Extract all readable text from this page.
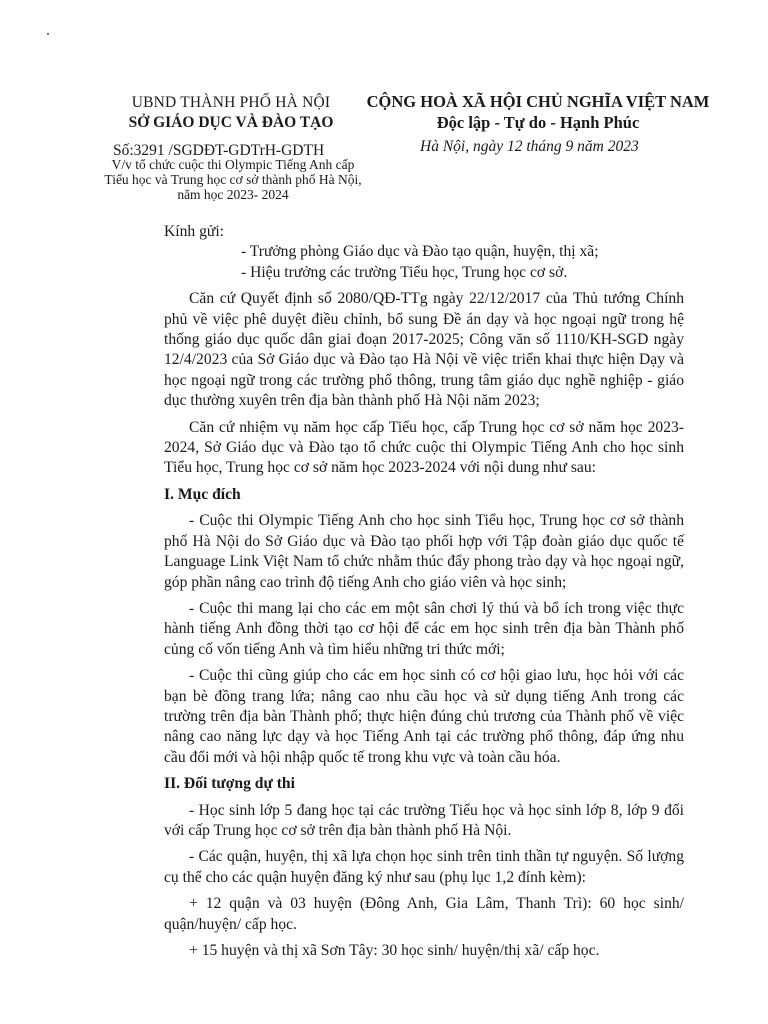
UBND THÀNH PHỐ HÀ NỘI
SỞ GIÁO DỤC VÀ ĐÀO TẠO
CỘNG HOÀ XÃ HỘI CHỦ NGHĨA VIỆT NAM
Độc lập - Tự do - Hạnh Phúc
Số:3291 /SGDĐT-GDTrH-GDTH
V/v tổ chức cuộc thi Olympic Tiếng Anh cấp Tiểu học và Trung học cơ sở thành phố Hà Nội, năm học 2023- 2024
Hà Nội, ngày 12 tháng 9 năm 2023

Kính gửi:

- Trưởng phòng Giáo dục và Đào tạo quận, huyện, thị xã;

- Hiệu trưởng các trường Tiểu học, Trung học cơ sở.

Căn cứ Quyết định số 2080/QĐ-TTg ngày 22/12/2017 của Thủ tướng Chính phủ về việc phê duyệt điều chỉnh, bổ sung Đề án dạy và học ngoại ngữ trong hệ thống giáo dục quốc dân giai đoạn 2017-2025; Công văn số 1110/KH-SGD ngày 12/4/2023 của Sở Giáo dục và Đào tạo Hà Nội về việc triển khai thực hiện Dạy và học ngoại ngữ trong các trường phổ thông, trung tâm giáo dục nghề nghiệp - giáo dục thường xuyên trên địa bàn thành phố Hà Nội năm 2023;

Căn cứ nhiệm vụ năm học cấp Tiểu học, cấp Trung học cơ sở năm học 2023-2024, Sở Giáo dục và Đào tạo tổ chức cuộc thi Olympic Tiếng Anh cho học sinh Tiểu học, Trung học cơ sở năm học 2023-2024 với nội dung như sau:

I. Mục đích

- Cuộc thi Olympic Tiếng Anh cho học sinh Tiểu học, Trung học cơ sở thành phố Hà Nội do Sở Giáo dục và Đào tạo phối hợp với Tập đoàn giáo dục quốc tế Language Link Việt Nam tổ chức nhằm thúc đẩy phong trào dạy và học ngoại ngữ, góp phần nâng cao trình độ tiếng Anh cho giáo viên và học sinh;

- Cuộc thi mang lại cho các em một sân chơi lý thú và bổ ích trong việc thực hành tiếng Anh đồng thời tạo cơ hội để các em học sinh trên địa bàn Thành phố củng cố vốn tiếng Anh và tìm hiểu những tri thức mới;

- Cuộc thi cũng giúp cho các em học sinh có cơ hội giao lưu, học hỏi với các bạn bè đồng trang lứa; nâng cao nhu cầu học và sử dụng tiếng Anh trong các trường trên địa bàn Thành phố; thực hiện đúng chủ trương của Thành phố về việc nâng cao năng lực dạy và học Tiếng Anh tại các trường phổ thông, đáp ứng nhu cầu đổi mới và hội nhập quốc tế trong khu vực và toàn cầu hóa.

II. Đối tượng dự thi

- Học sinh lớp 5 đang học tại các trường Tiểu học và học sinh lớp 8, lớp 9 đối với cấp Trung học cơ sở trên địa bàn thành phố Hà Nội.

- Các quận, huyện, thị xã lựa chọn học sinh trên tinh thần tự nguyện. Số lượng cụ thể cho các quận huyện đăng ký như sau (phụ lục 1,2 đính kèm):

+ 12 quận và 03 huyện (Đông Anh, Gia Lâm, Thanh Trì): 60 học sinh/ quận/huyện/ cấp học.

+ 15 huyện và thị xã Sơn Tây: 30 học sinh/ huyện/thị xã/ cấp học.
